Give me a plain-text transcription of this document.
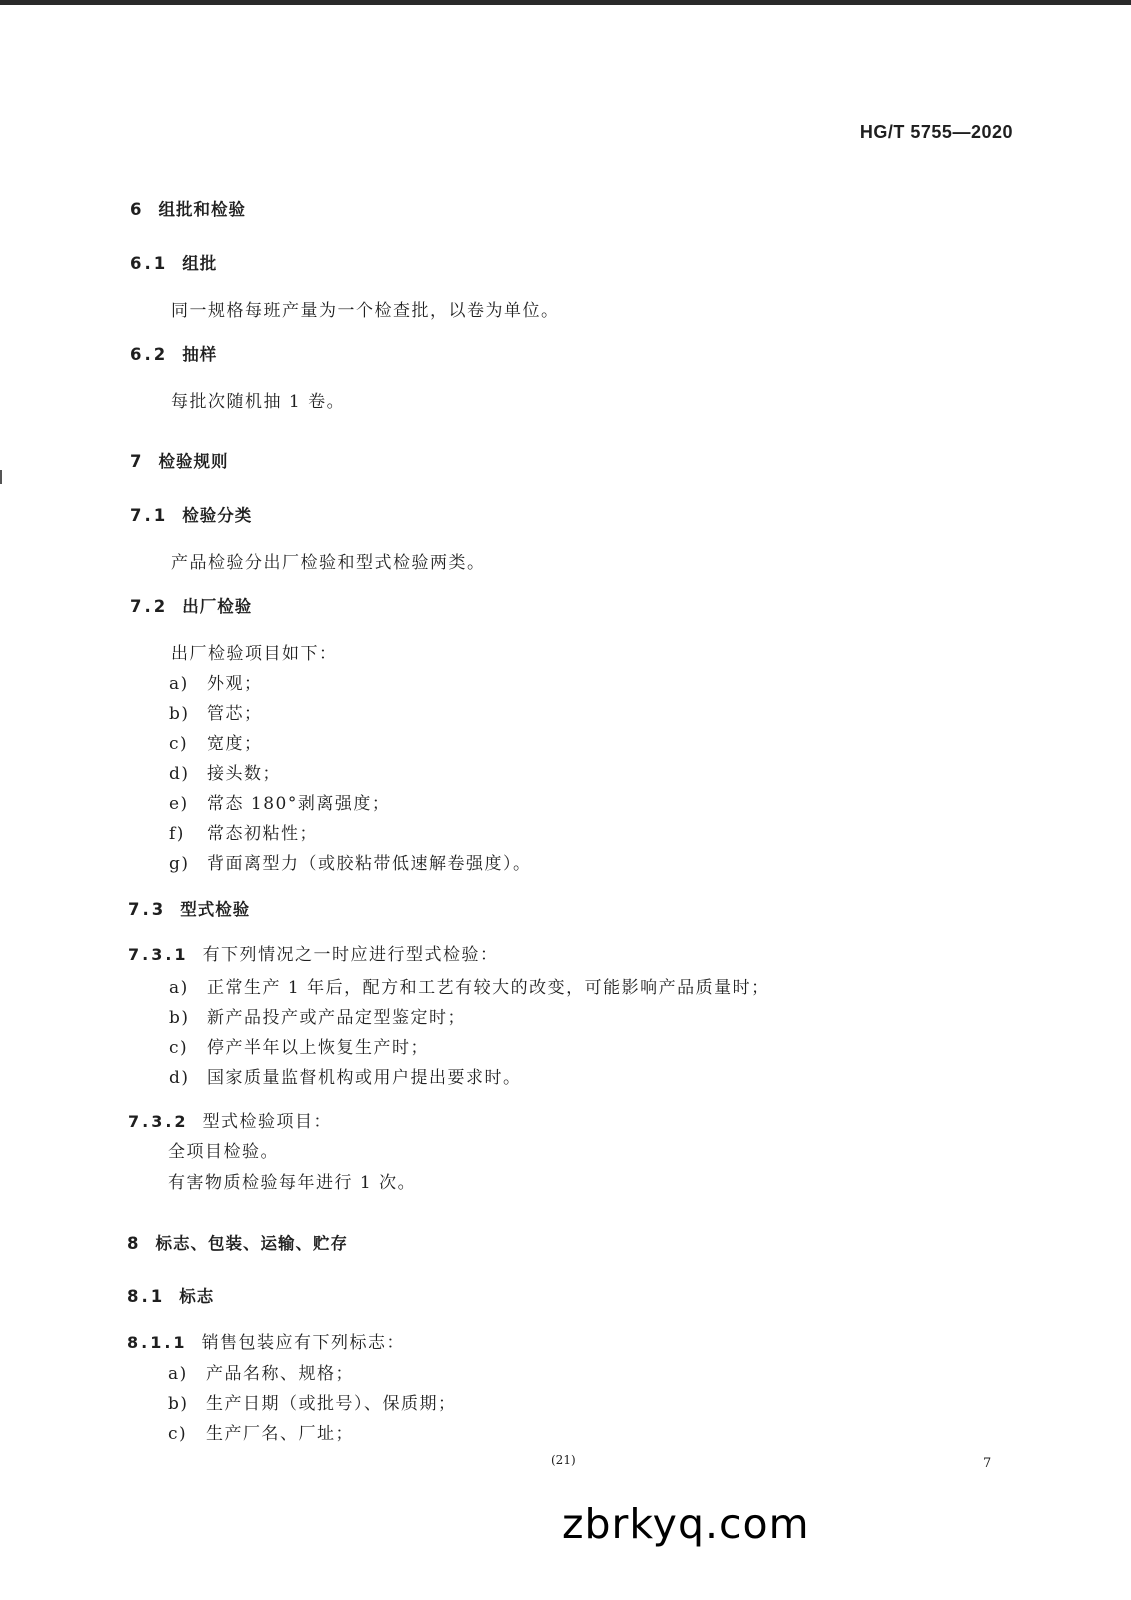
HG/T 5755—2020
6 组批和检验
6.1 组批
同一规格每班产量为一个检查批，以卷为单位。
6.2 抽样
每批次随机抽 1 卷。
7 检验规则
7.1 检验分类
产品检验分出厂检验和型式检验两类。
7.2 出厂检验
出厂检验项目如下：
a) 外观；
b) 管芯；
c) 宽度；
d) 接头数；
e) 常态 180°剥离强度；
f) 常态初粘性；
g) 背面离型力（或胶粘带低速解卷强度）。
7.3 型式检验
7.3.1 有下列情况之一时应进行型式检验：
a) 正常生产 1 年后，配方和工艺有较大的改变，可能影响产品质量时；
b) 新产品投产或产品定型鉴定时；
c) 停产半年以上恢复生产时；
d) 国家质量监督机构或用户提出要求时。
7.3.2 型式检验项目：
全项目检验。
有害物质检验每年进行 1 次。
8 标志、包装、运输、贮存
8.1 标志
8.1.1 销售包装应有下列标志：
a) 产品名称、规格；
b) 生产日期（或批号）、保质期；
c) 生产厂名、厂址；
(21)	7
zbrkyq.com
